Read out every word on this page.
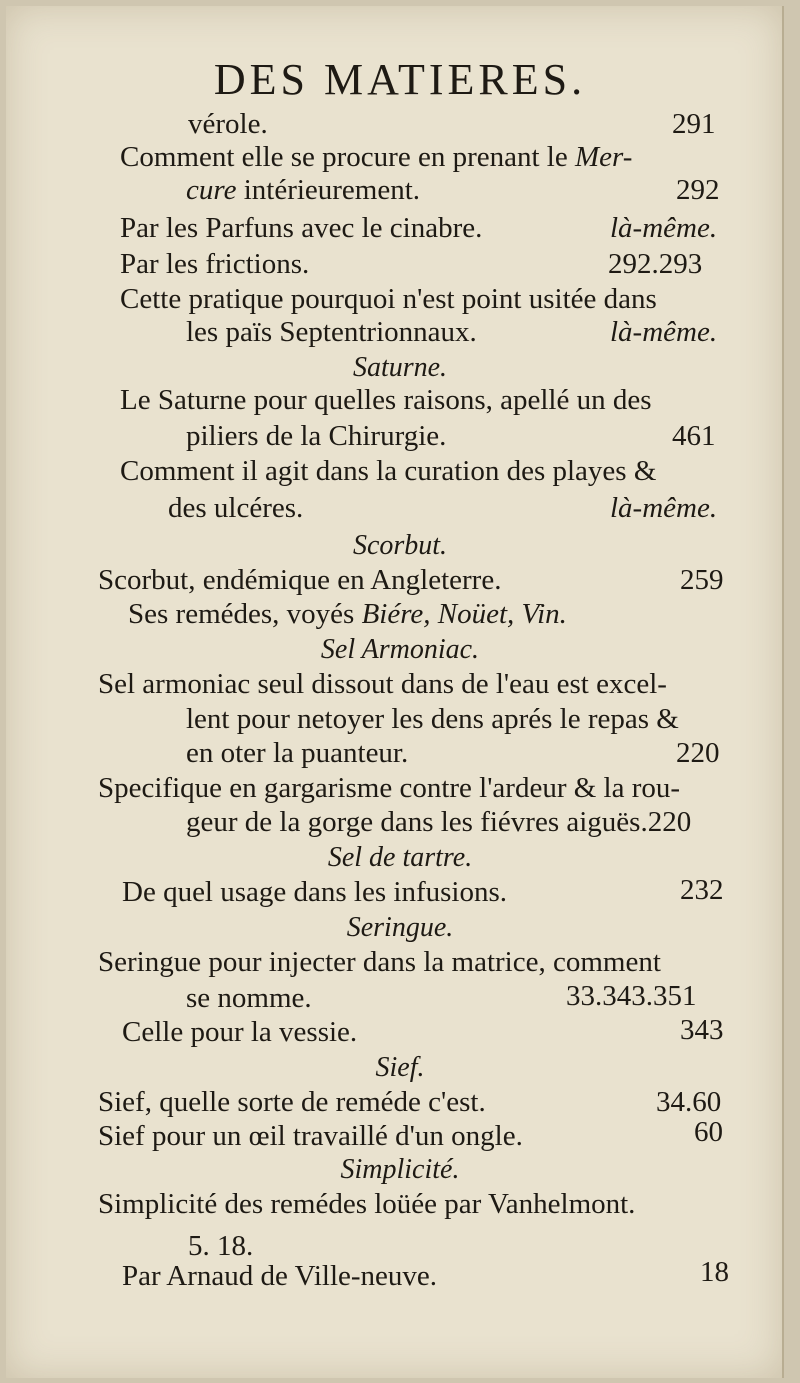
DES MATIERES.
vérole.	291
Comment elle se procure en prenant le Mer-
cure intérieurement.	292
Par les Parfuns avec le cinabre.	là-même.
Par les frictions.	292.293
Cette pratique pourquoi n'est point usitée dans
les païs Septentrionnaux.	là-même.
Saturne.
Le Saturne pour quelles raisons, apellé un des
piliers de la Chirurgie.	461
Comment il agit dans la curation des playes &
des ulcéres.	là-même.
Scorbut.
Scorbut, endémique en Angleterre.	259
Ses remédes, voyés Biére, Noüet, Vin.
Sel Armoniac.
Sel armoniac seul dissout dans de l'eau est excel-
lent pour netoyer les dens aprés le repas &
en oter la puanteur.	220
Specifique en gargarisme contre l'ardeur & la rou-
geur de la gorge dans les fiévres aiguës.220
Sel de tartre.
De quel usage dans les infusions.	232
Seringue.
Seringue pour injecter dans la matrice, comment
se nomme.	33.343.351
Celle pour la vessie.	343
Sief.
Sief, quelle sorte de reméde c'est.	34.60
Sief pour un œil travaillé d'un ongle.	60
Simplicité.
Simplicité des remédes loüée par Vanhelmont.
5. 18.
Par Arnaud de Ville-neuve.	18
